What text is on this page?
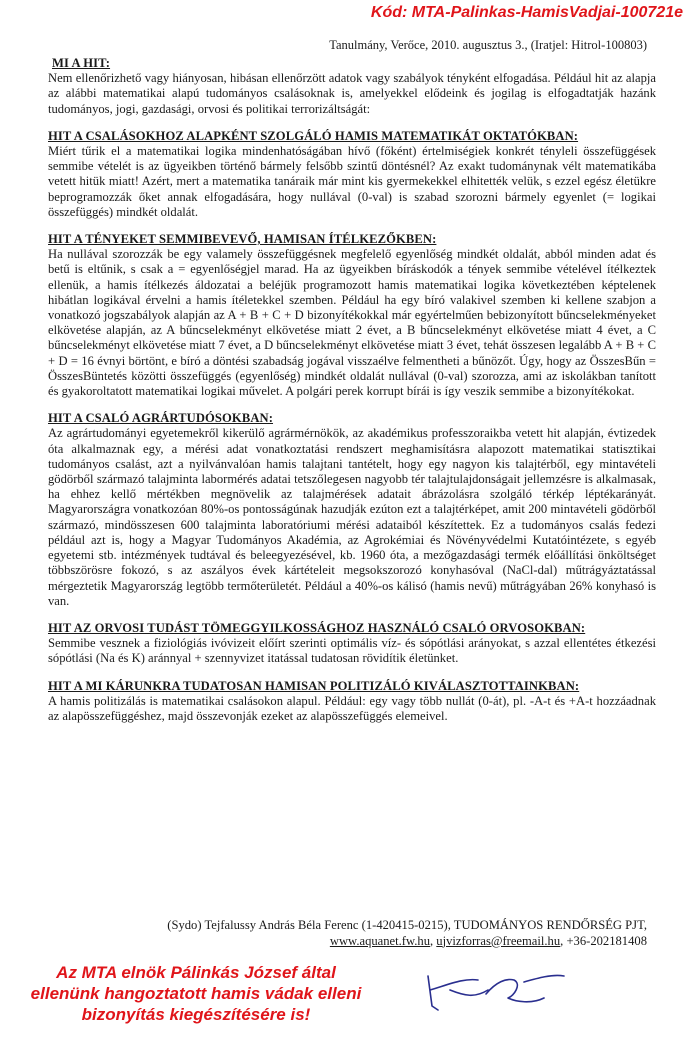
Kód: MTA-Palinkas-HamisVadjai-100721e
Tanulmány, Verőce, 2010. augusztus 3., (Iratjel: Hitrol-100803)
MI A HIT:

Nem ellenőrizhető vagy hiányosan, hibásan ellenőrzött adatok vagy szabályok tényként elfogadása. Például hit az alapja az alábbi matematikai alapú tudományos csalásoknak is, amelyekkel elődeink és jogilag is elfogadtatják hazánk tudományos, jogi, gazdasági, orvosi és politikai terrorizáltságát:

HIT A CSALÁSOKHOZ ALAPKÉNT SZOLGÁLÓ HAMIS MATEMATIKÁT OKTATÓKBAN:

Miért tűrik el a matematikai logika mindenhatóságában hívő (főként) értelmiségiek konkrét tényleli összefüggések semmibe vételét is az ügyeikben történő bármely felsőbb szintű döntésnél? Az exakt tudománynak vélt matematikába vetett hitük miatt! Azért, mert a matematika tanáraik már mint kis gyermekekkel elhitették velük, s ezzel egész életükre beprogramozzák őket annak elfogadására, hogy nullával (0-val) is szabad szorozni bármely egyenlet (= logikai összefüggés) mindkét oldalát.

HIT A TÉNYEKET SEMMIBEVEVŐ, HAMISAN ÍTÉLKEZŐKBEN:

Ha nullával szorozzák be egy valamely összefüggésnek megfelelő egyenlőség mindkét oldalát, abból minden adat és betű is eltűnik, s csak a = egyenlőségjel marad. Ha az ügyeikben bíráskodók a tények semmibe vételével ítélkeztek ellenük, a hamis ítélkezés áldozatai a beléjük programozott hamis matematikai logika következtében képtelenek hibátlan logikával érvelni a hamis ítéletekkel szemben. Például ha egy bíró valakivel szemben ki kellene szabjon a vonatkozó jogszabályok alapján az A + B + C + D bizonyítékokkal már egyértelműen bebizonyított bűncselekményeket elkövetése alapján, az A bűncselekményt elkövetése miatt 2 évet, a B bűncselekményt elkövetése miatt 4 évet, a C bűncselekményt elkövetése miatt 7 évet, a D bűncselekményt elkövetése miatt 3 évet, tehát összesen legalább A + B + C + D = 16 évnyi börtönt, e bíró a döntési szabadság jogával visszaélve felmentheti a bűnözőt. Úgy, hogy az ÖsszesBűn = ÖsszesBüntetés közötti összefüggés (egyenlőség) mindkét oldalát nullával (0-val) szorozza, ami az iskolákban tanított és gyakoroltatott matematikai logikai művelet. A polgári perek korrupt bírái is így veszik semmibe a bizonyítékokat.

HIT A CSALÓ AGRÁRTUDÓSOKBAN:

Az agrártudományi egyetemekről kikerülő agrármérnökök, az akadémikus professzoraikba vetett hit alapján, évtizedek óta alkalmaznak egy, a mérési adat vonatkoztatási rendszert meghamisításra alapozott matematikai statisztikai tudományos csalást, azt a nyilvánvalóan hamis talajtani tantételt, hogy egy nagyon kis talajtérből, egy mintavételi gödörből származó talajminta labormérés adatai tetszőlegesen nagyobb tér talajtulajdonságait jellemzésre is alkalmasak, ha ehhez kellő mértékben megnövelik az talajmérések adatait ábrázolásra szolgáló térkép léptékarányát. Magyarországra vonatkozóan 80%-os pontosságúnak hazudják ezúton ezt a talajtérképet, amit 200 mintavételi gödörből származó, mindösszesen 600 talajminta laboratóriumi mérési adataiból készítettek. Ez a tudományos csalás fedezi például azt is, hogy a Magyar Tudományos Akadémia, az Agrokémiai és Növényvédelmi Kutatóintézete, s egyéb egyetemi stb. intézmények tudtával és beleegyezésével, kb. 1960 óta, a mezőgazdasági termék előállítási önköltséget többszörösre fokozó, s az aszályos évek kártételeit megsokszorozó konyhasóval (NaCl-dal) műtrágyáztatással mérgeztetik Magyarország legtöbb termőterületét. Például a 40%-os kálisó (hamis nevű) műtrágyában 26% konyhasó is van.

HIT AZ ORVOSI TUDÁST TÖMEGGYILKOSSÁGHOZ HASZNÁLÓ CSALÓ ORVOSOKBAN:

Semmibe vesznek a fiziológiás ivóvizeit előírt szerinti optimális víz- és sópótlási arányokat, s azzal ellentétes étkezési sópótlási (Na és K) aránnyal + szennyvizet itatással tudatosan rövidítik életünket.

HIT A MI KÁRUNKRA TUDATOSAN HAMISAN POLITIZÁLÓ KIVÁLASZTOTTAINKBAN:

A hamis politizálás is matematikai csalásokon alapul. Például: egy vagy több nullát (0-át), pl. -A-t és +A-t hozzáadnak az alapösszefüggéshez, majd összevonják ezeket az alapösszefüggés elemeivel.

(Sydo) Tejfalussy András Béla Ferenc (1-420415-0215), TUDOMÁNYOS RENDŐRSÉG PJT,
www.aquanet.fw.hu, ujvizforras@freemail.hu, +36-202181408
Az MTA elnök Pálinkás József által ellenünk hangoztatott hamis vádak elleni bizonyítás kiegészítésére is!
